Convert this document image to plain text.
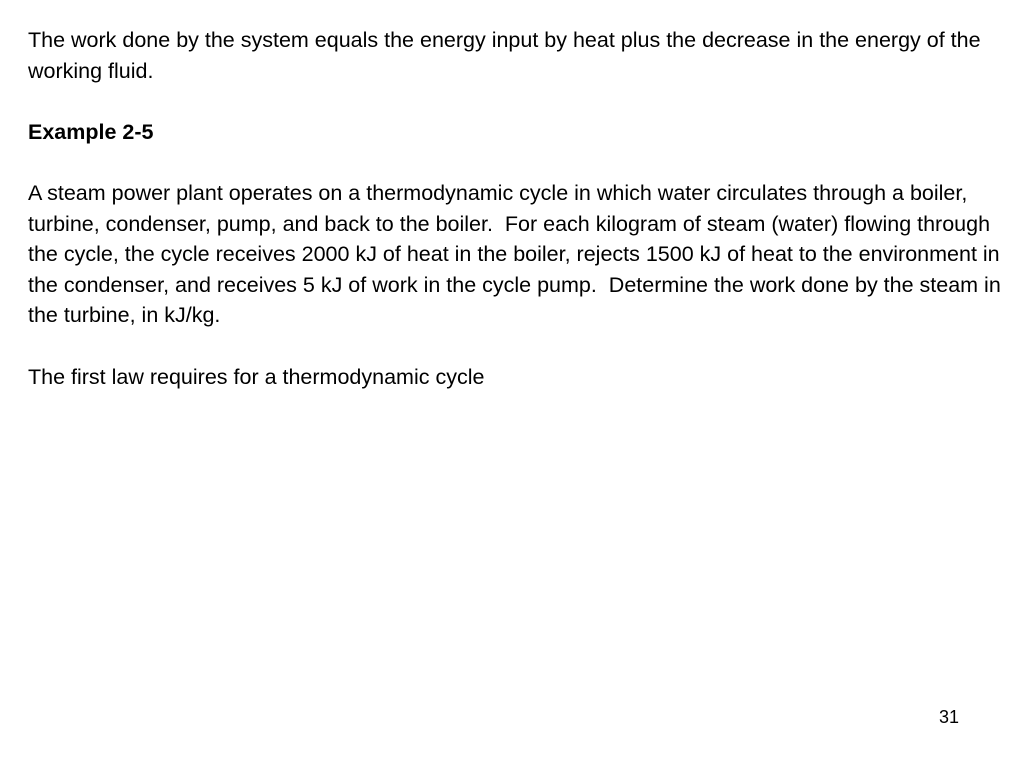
The work done by the system equals the energy input by heat plus the decrease in the energy of the working fluid.

Example 2-5

A steam power plant operates on a thermodynamic cycle in which water circulates through a boiler, turbine, condenser, pump, and back to the boiler.  For each kilogram of steam (water) flowing through the cycle, the cycle receives 2000 kJ of heat in the boiler, rejects 1500 kJ of heat to the environment in the condenser, and receives 5 kJ of work in the cycle pump.  Determine the work done by the steam in the turbine, in kJ/kg.

The first law requires for a thermodynamic cycle

31
